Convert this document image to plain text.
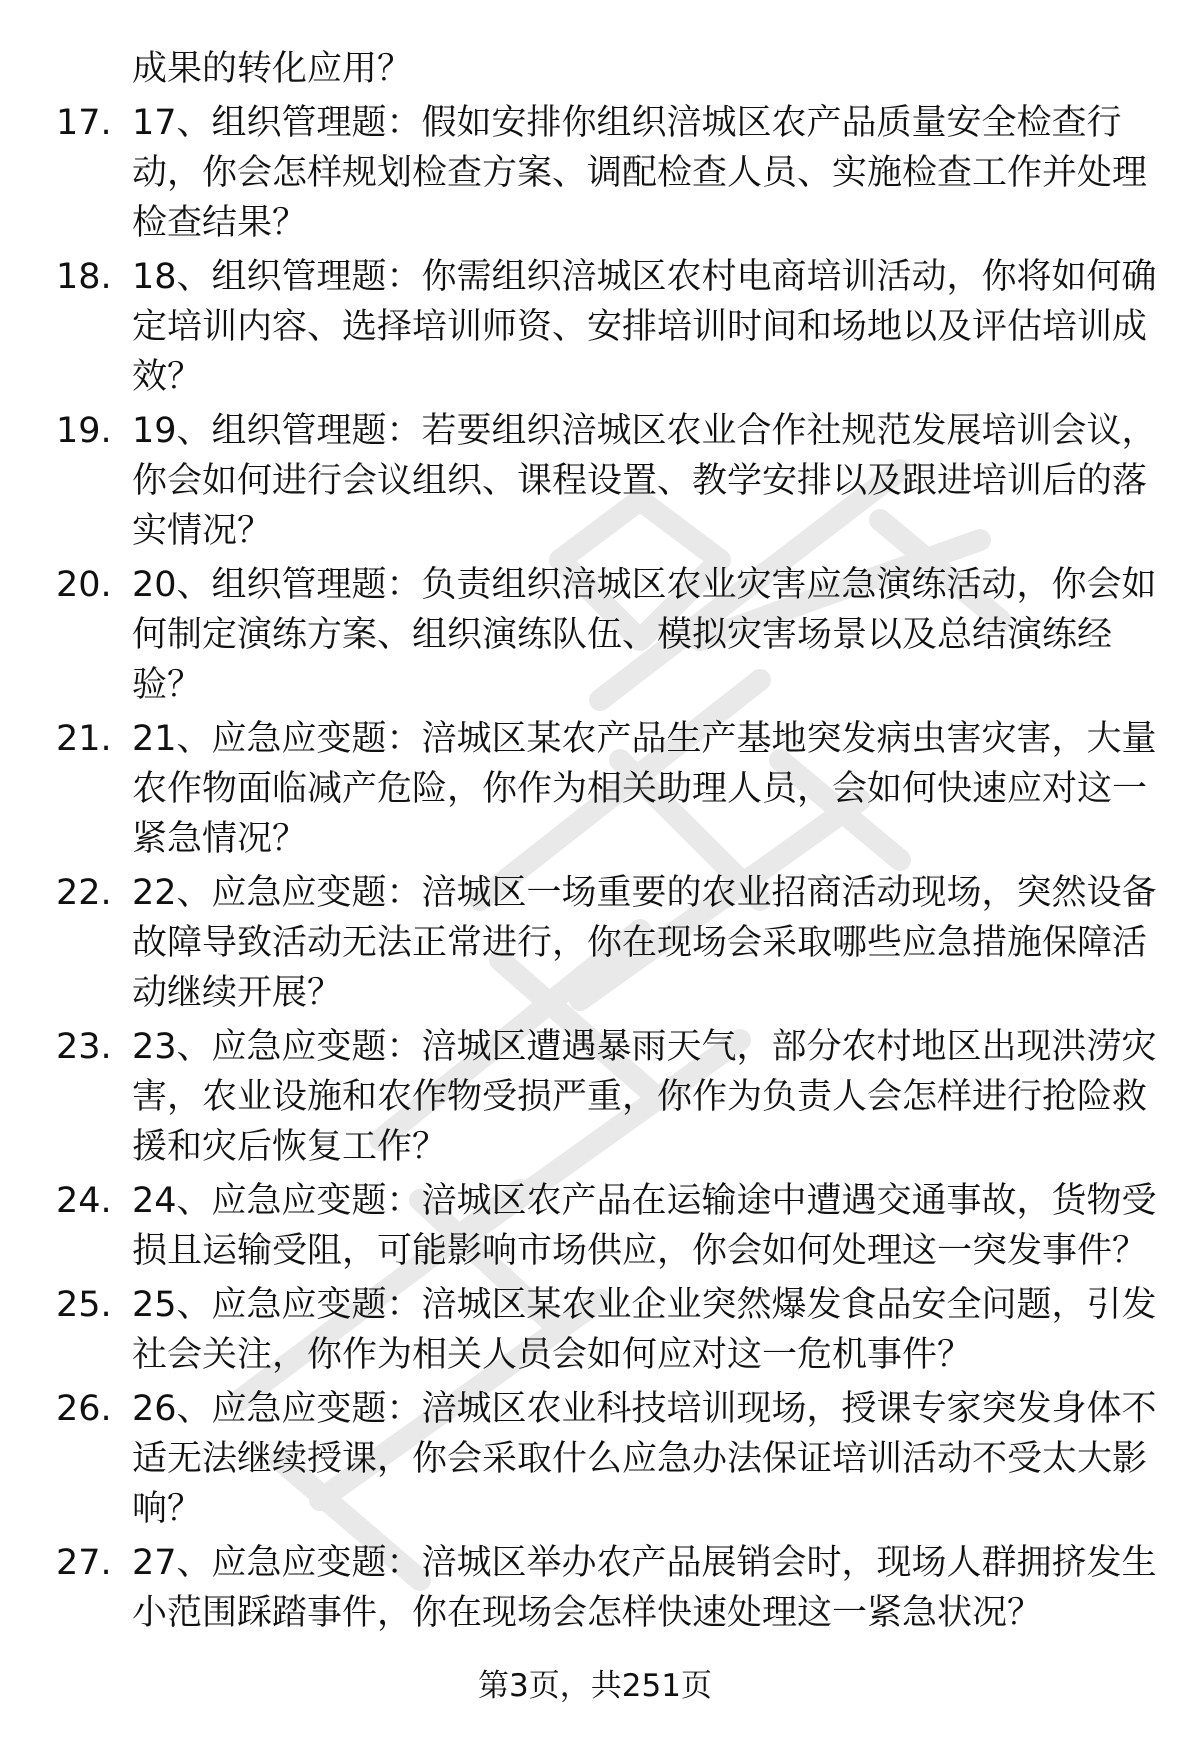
成果的转化应用？
17. 17、组织管理题：假如安排你组织涪城区农产品质量安全检查行动，你会怎样规划检查方案、调配检查人员、实施检查工作并处理检查结果？
18. 18、组织管理题：你需组织涪城区农村电商培训活动，你将如何确定培训内容、选择培训师资、安排培训时间和场地以及评估培训成效？
19. 19、组织管理题：若要组织涪城区农业合作社规范发展培训会议，你会如何进行会议组织、课程设置、教学安排以及跟进培训后的落实情况？
20. 20、组织管理题：负责组织涪城区农业灾害应急演练活动，你会如何制定演练方案、组织演练队伍、模拟灾害场景以及总结演练经验？
21. 21、应急应变题：涪城区某农产品生产基地突发病虫害灾害，大量农作物面临减产危险，你作为相关助理人员，会如何快速应对这一紧急情况？
22. 22、应急应变题：涪城区一场重要的农业招商活动现场，突然设备故障导致活动无法正常进行，你在现场会采取哪些应急措施保障活动继续开展？
23. 23、应急应变题：涪城区遭遇暴雨天气，部分农村地区出现洪涝灾害，农业设施和农作物受损严重，你作为负责人会怎样进行抢险救援和灾后恢复工作？
24. 24、应急应变题：涪城区农产品在运输途中遭遇交通事故，货物受损且运输受阻，可能影响市场供应，你会如何处理这一突发事件？
25. 25、应急应变题：涪城区某农业企业突然爆发食品安全问题，引发社会关注，你作为相关人员会如何应对这一危机事件？
26. 26、应急应变题：涪城区农业科技培训现场，授课专家突发身体不适无法继续授课，你会采取什么应急办法保证培训活动不受太大影响？
27. 27、应急应变题：涪城区举办农产品展销会时，现场人群拥挤发生小范围踩踏事件，你在现场会怎样快速处理这一紧急状况？
第3页，共251页
